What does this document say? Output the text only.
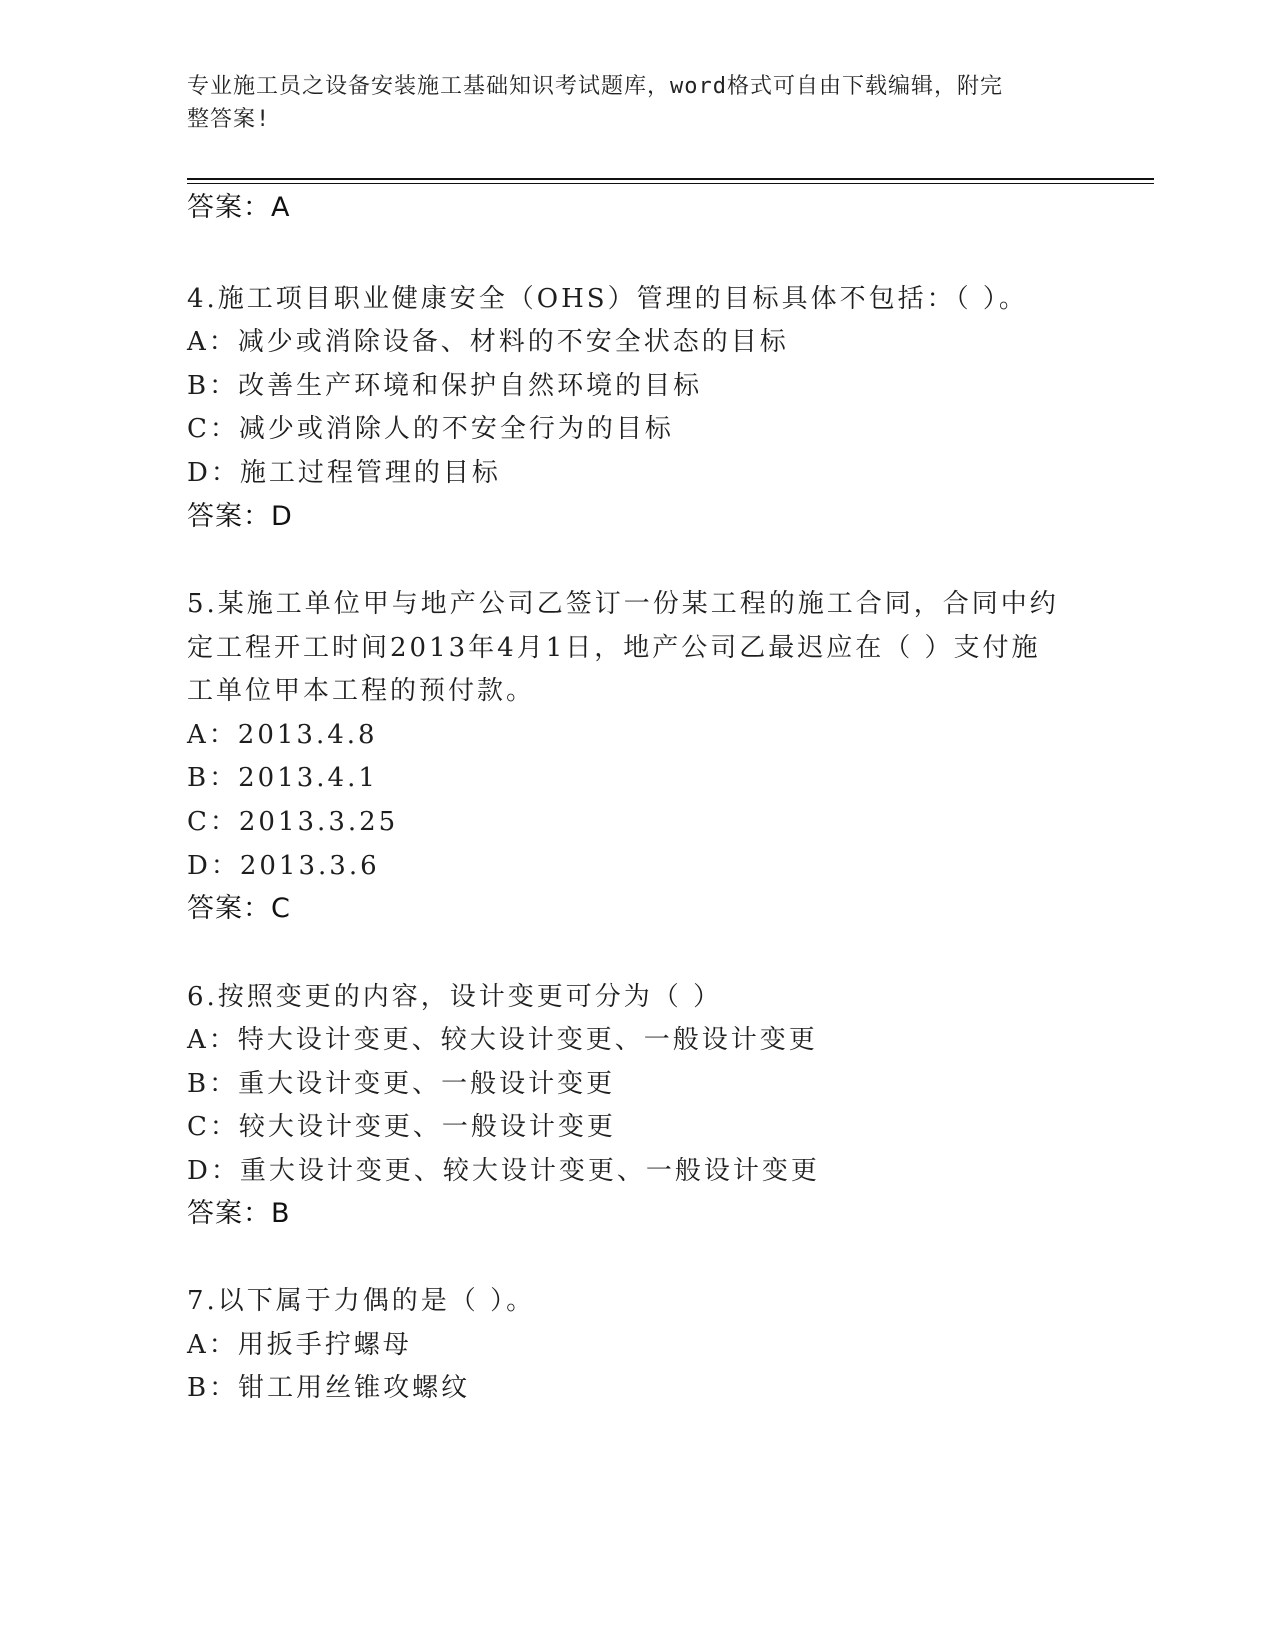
专业施工员之设备安装施工基础知识考试题库，word格式可自由下载编辑，附完
整答案!
答案：A
4.施工项目职业健康安全（OHS）管理的目标具体不包括：（ ）。
A：减少或消除设备、材料的不安全状态的目标
B：改善生产环境和保护自然环境的目标
C：减少或消除人的不安全行为的目标
D：施工过程管理的目标
答案：D
5.某施工单位甲与地产公司乙签订一份某工程的施工合同，合同中约
定工程开工时间2013年4月1日，地产公司乙最迟应在（ ）支付施
工单位甲本工程的预付款。
A：2013.4.8
B：2013.4.1
C：2013.3.25
D：2013.3.6
答案：C
6.按照变更的内容，设计变更可分为（ ）
A：特大设计变更、较大设计变更、一般设计变更
B：重大设计变更、一般设计变更
C：较大设计变更、一般设计变更
D：重大设计变更、较大设计变更、一般设计变更
答案：B
7.以下属于力偶的是（ ）。
A：用扳手拧螺母
B：钳工用丝锥攻螺纹
